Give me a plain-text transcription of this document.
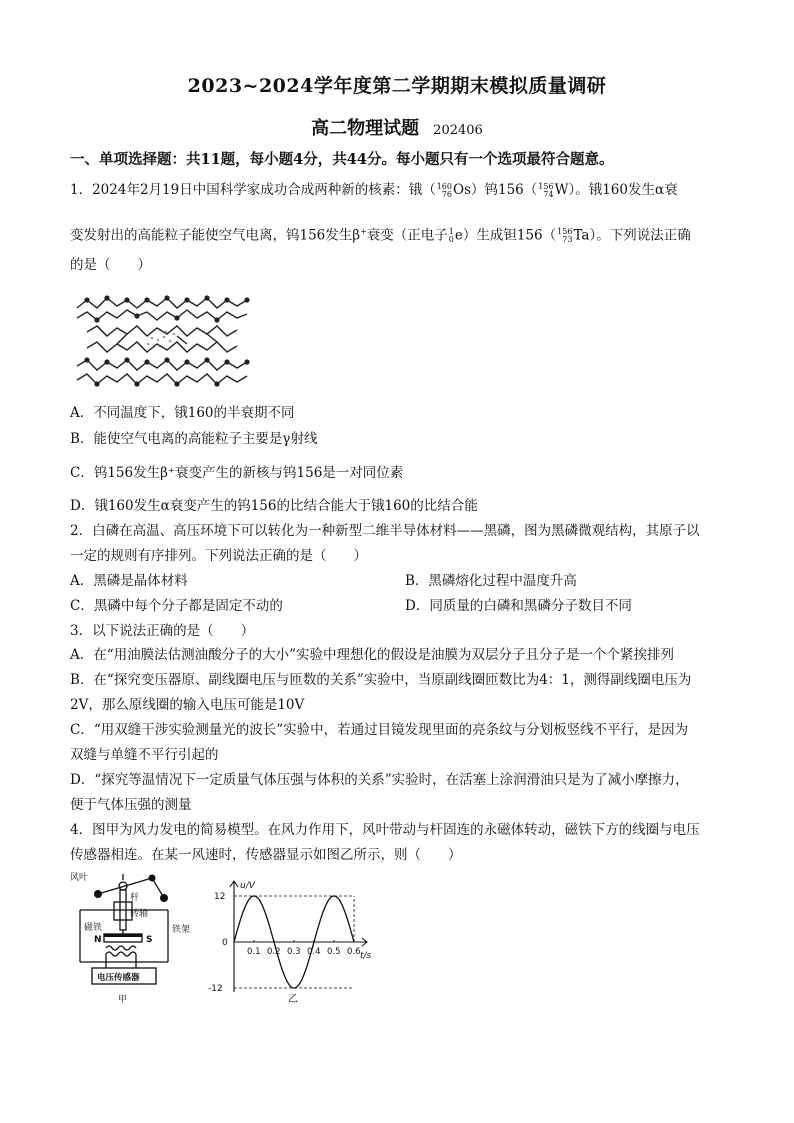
2023~2024学年度第二学期期末模拟质量调研
高二物理试题 202406
一、单项选择题：共11题，每小题4分，共44分。每小题只有一个选项最符合题意。
1．2024年2月19日中国科学家成功合成两种新的核素：锇（ 160
76 Os）钨156（ 156
74 W）。锇160发生α衰
变发射出的高能粒子能使空气电离，钨156发生β+衰变（正电子 1
0 e）生成钽156（ 156
73 Ta）。下列说法正确
的是（　　）
A．不同温度下，锇160的半衰期不同
B．能使空气电离的高能粒子主要是γ射线
C．钨156发生β⁺衰变产生的新核与钨156是一对同位素
D．锇160发生α衰变产生的钨156的比结合能大于锇160的比结合能
2．白磷在高温、高压环境下可以转化为一种新型二维半导体材料——黑磷，图为黑磷微观结构，其原子以
一定的规则有序排列。下列说法正确的是（　　）
A．黑磷是晶体材料	B．黑磷熔化过程中温度升高
C．黑磷中每个分子都是固定不动的	D．同质量的白磷和黑磷分子数目不同
3．以下说法正确的是（　　）
A．在“用油膜法估测油酸分子的大小”实验中理想化的假设是油膜为双层分子且分子是一个个紧挨排列
B．在“探究变压器原、副线圈电压与匝数的关系”实验中，当原副线圈匝数比为4：1，测得副线圈电压为
2V，那么原线圈的输入电压可能是10V
C．“用双缝干涉实验测量光的波长”实验中，若通过目镜发现里面的亮条纹与分划板竖线不平行，是因为
双缝与单缝不平行引起的
D．“探究等温情况下一定质量气体压强与体积的关系”实验时，在活塞上涂润滑油只是为了减小摩擦力，
便于气体压强的测量
4．图甲为风力发电的简易模型。在风力作用下，风叶带动与杆固连的永磁体转动，磁铁下方的线圈与电压
传感器相连。在某一风速时，传感器显示如图乙所示，则（　　）
风叶
杆
转轴
磁铁
N	S
铁架
电压传感器
甲
u/V
t/s
乙
0.1 0.2 0.3 0.4 0.5 0.6
12
0
-12
